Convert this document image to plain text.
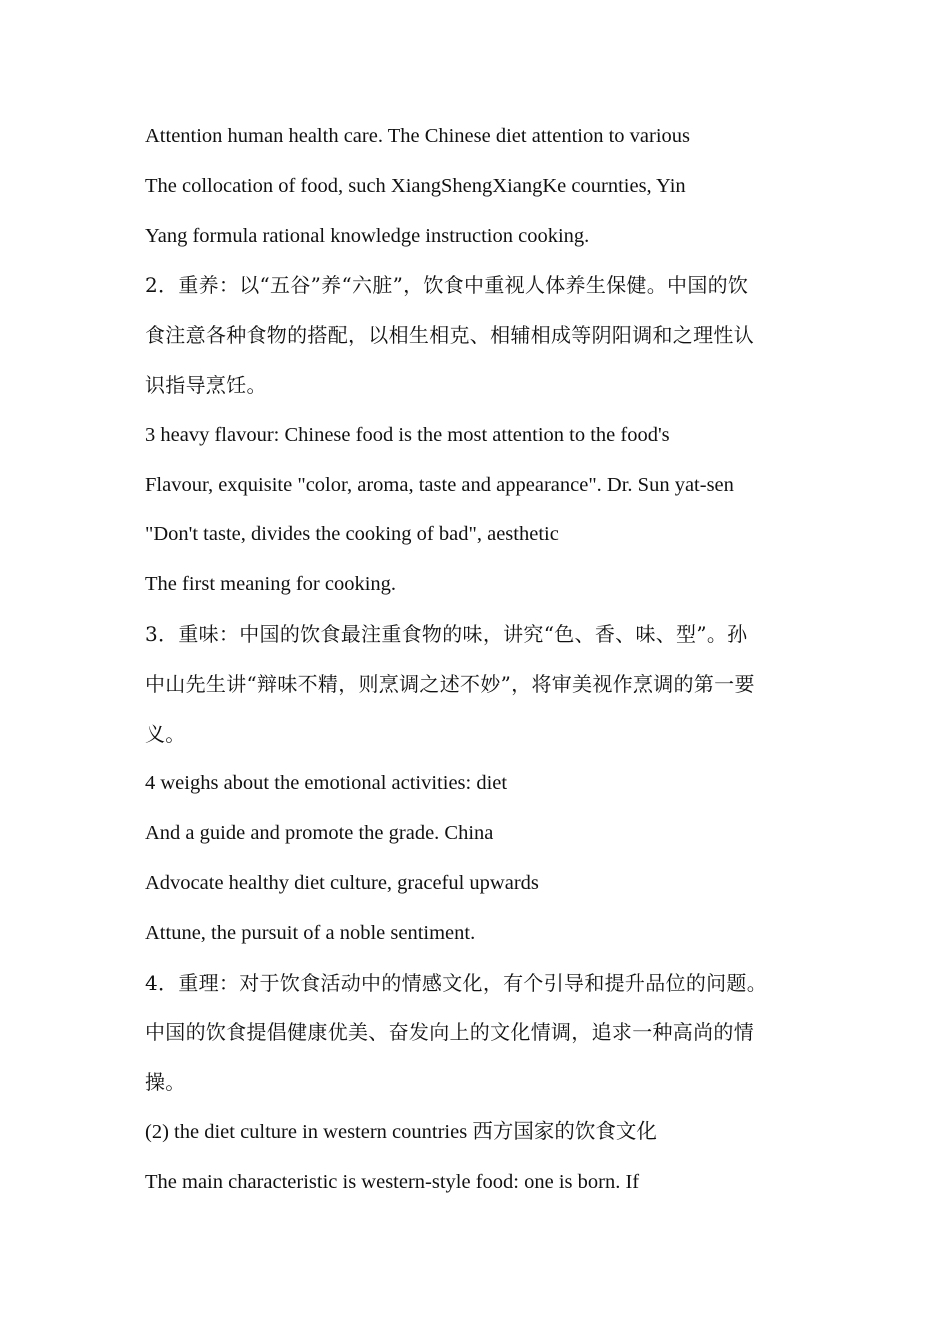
Attention human health care. The Chinese diet attention to various
The collocation of food, such XiangShengXiangKe cournties, Yin
Yang formula rational knowledge instruction cooking.
2．重养：以“五谷”养“六脏”，饮食中重视人体养生保健。中国的饮
食注意各种食物的搭配，以相生相克、相辅相成等阴阳调和之理性认
识指导烹饪。
3 heavy flavour: Chinese food is the most attention to the food's
Flavour, exquisite "color, aroma, taste and appearance". Dr. Sun yat-sen
"Don't taste, divides the cooking of bad", aesthetic
The first meaning for cooking.
3．重味：中国的饮食最注重食物的味，讲究“色、香、味、型”。孙
中山先生讲“辩味不精，则烹调之述不妙”，将审美视作烹调的第一要
义。
4 weighs about the emotional activities: diet
And a guide and promote the grade. China
Advocate healthy diet culture, graceful upwards
Attune, the pursuit of a noble sentiment.
4．重理：对于饮食活动中的情感文化，有个引导和提升品位的问题。
中国的饮食提倡健康优美、奋发向上的文化情调，追求一种高尚的情
操。
(2) the diet culture in western countries 西方国家的饮食文化
The main characteristic is western-style food: one is born. If
